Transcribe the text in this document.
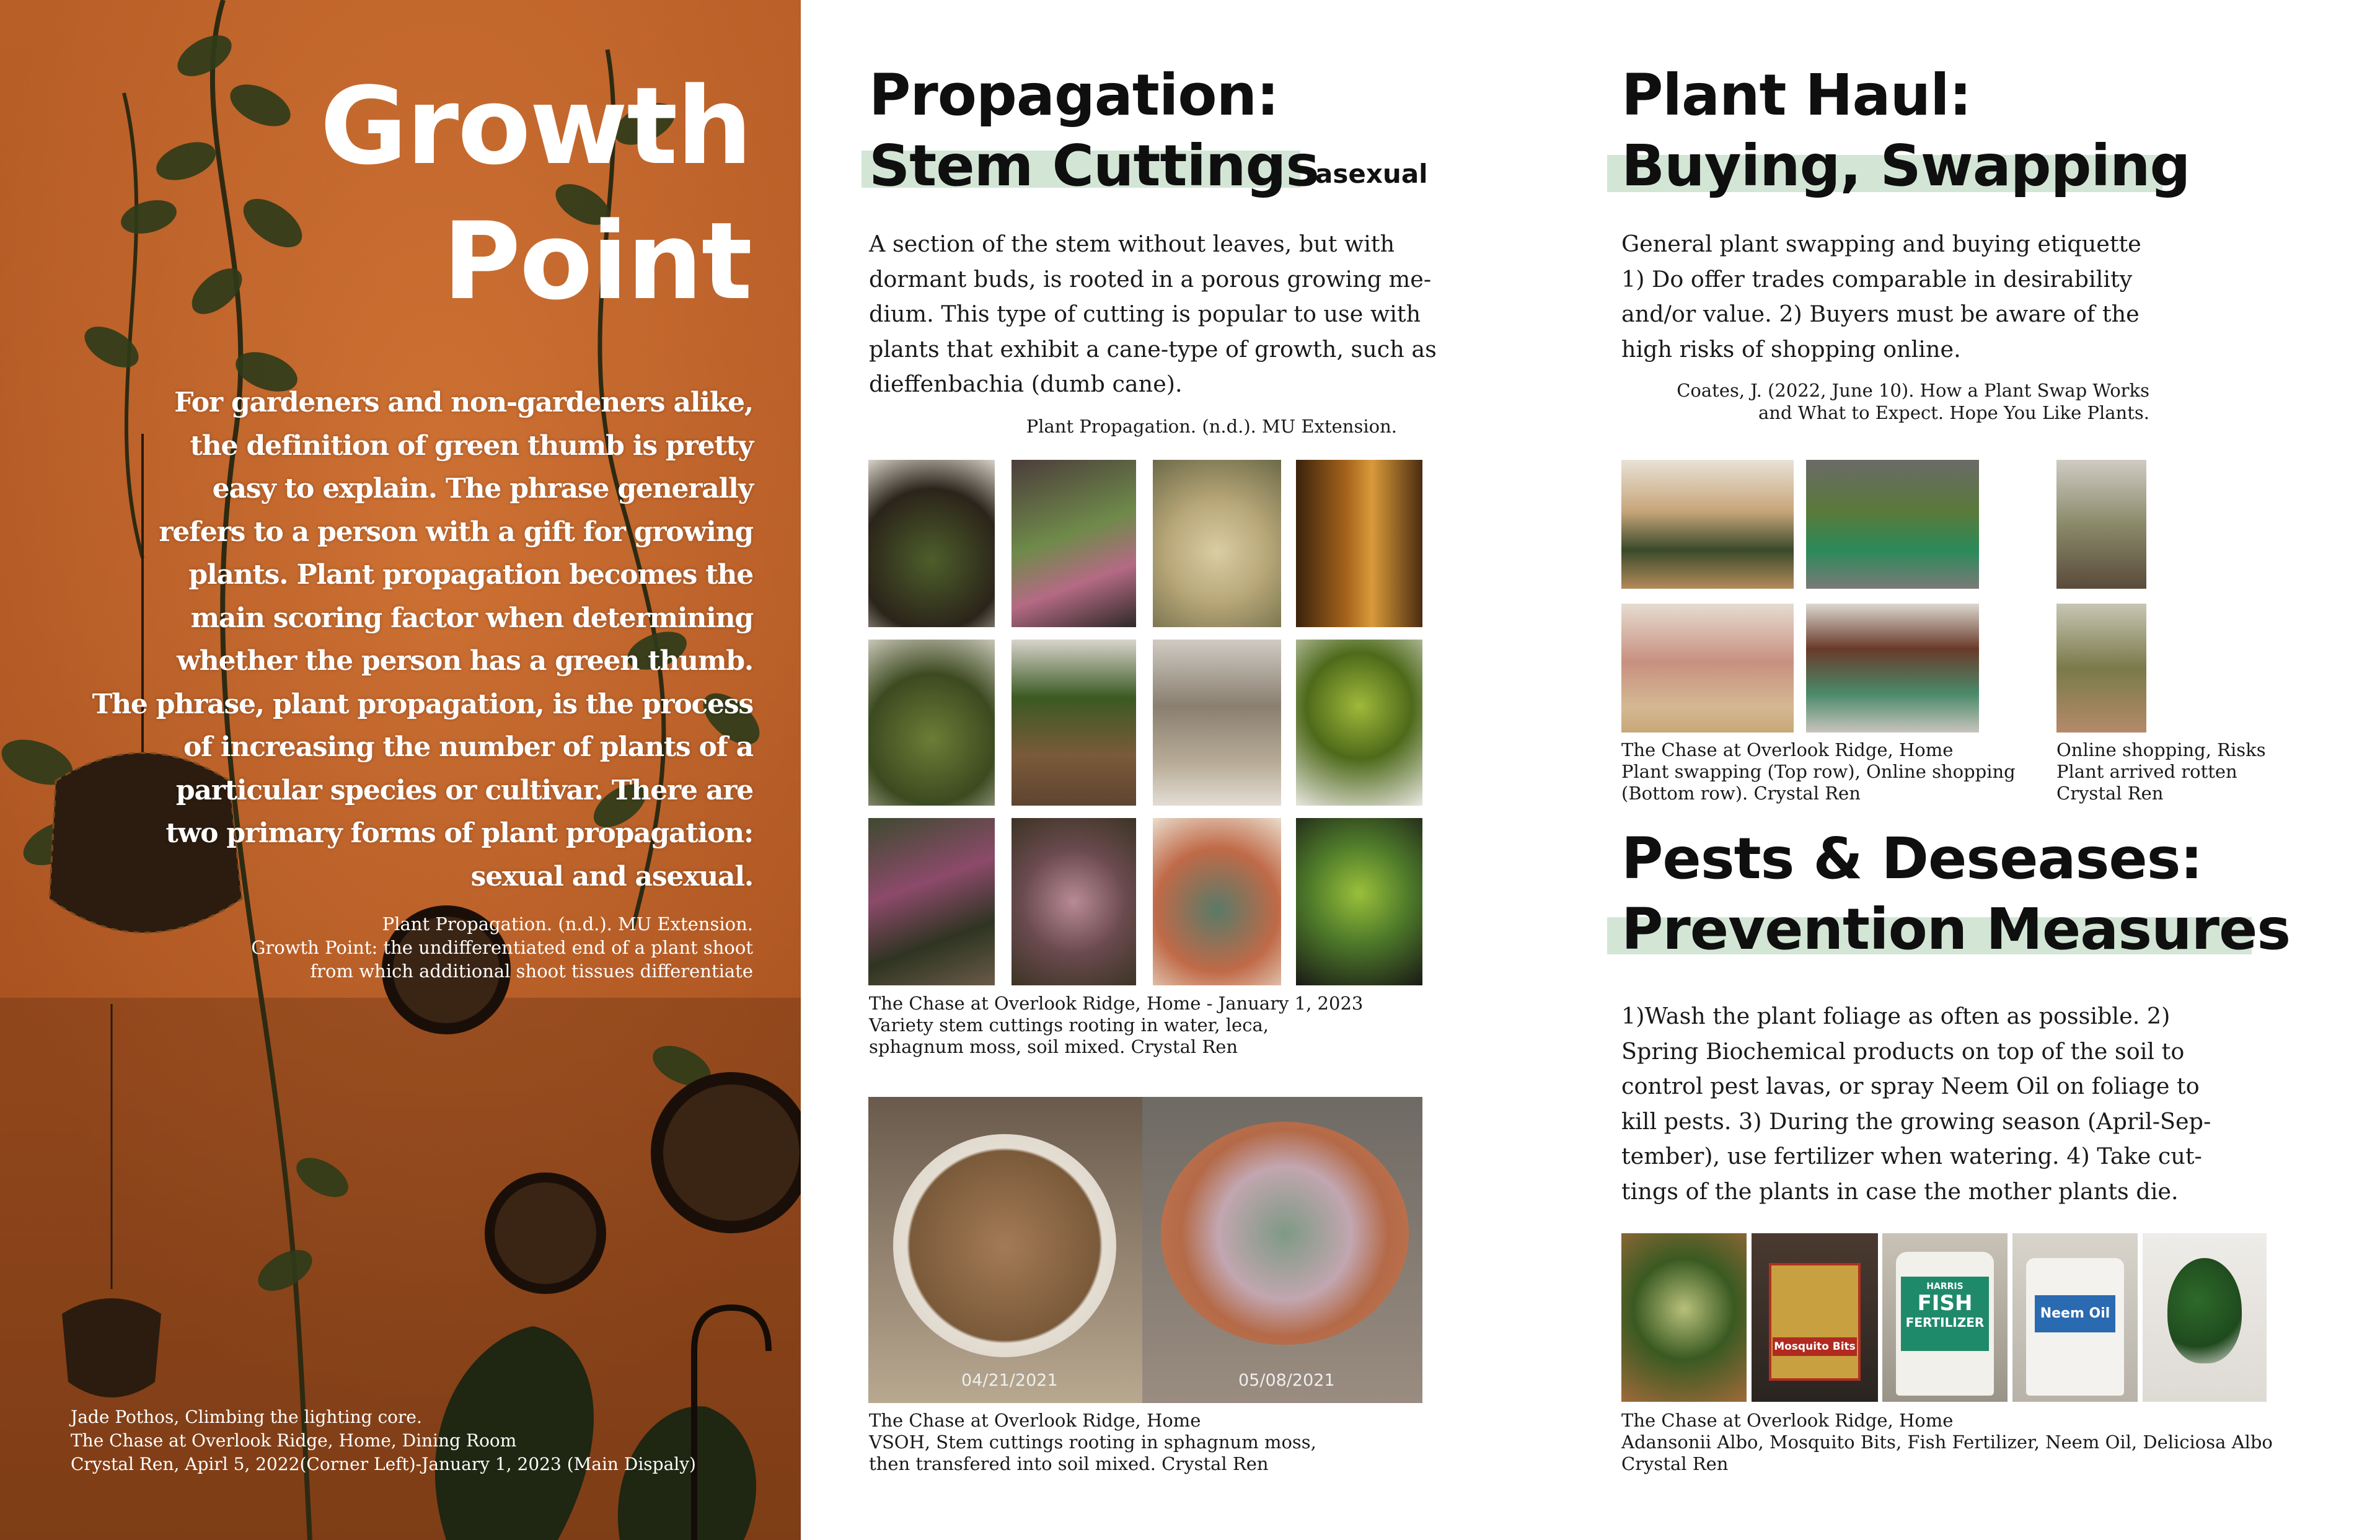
Growth
Point
For gardeners and non-gardeners alike,
the definition of green thumb is pretty
easy to explain. The phrase generally
refers to a person with a gift for growing
plants. Plant propagation becomes the
main scoring factor when determining
whether the person has a green thumb.
The phrase, plant propagation, is the process
of increasing the number of plants of a
particular species or cultivar. There are
two primary forms of plant propagation:
sexual and asexual.
Plant Propagation. (n.d.). MU Extension.
Growth Point: the undifferentiated end of a plant shoot
from which additional shoot tissues differentiate
Jade Pothos, Climbing the lighting core.
The Chase at Overlook Ridge, Home, Dining Room
Crystal Ren, Apirl 5, 2022(Corner Left)-January 1, 2023 (Main Dispaly)
Propagation:
Stem Cuttings
asexual
A section of the stem without leaves, but with
dormant buds, is rooted in a porous growing me-
dium. This type of cutting is popular to use with
plants that exhibit a cane-type of growth, such as
dieffenbachia (dumb cane).
Plant Propagation. (n.d.). MU Extension.
The Chase at Overlook Ridge, Home - January 1, 2023
Variety stem cuttings rooting in water, leca,
sphagnum moss, soil mixed. Crystal Ren
04/21/2021	05/08/2021
The Chase at Overlook Ridge, Home
VSOH, Stem cuttings rooting in sphagnum moss,
then transfered into soil mixed. Crystal Ren
Plant Haul:
Buying, Swapping
General plant swapping and buying etiquette
1) Do offer trades comparable in desirability
and/or value. 2) Buyers must be aware of the
high risks of shopping online.
Coates, J. (2022, June 10). How a Plant Swap Works
and What to Expect. Hope You Like Plants.
The Chase at Overlook Ridge, Home
Plant swapping (Top row), Online shopping
(Bottom row). Crystal Ren
Online shopping, Risks
Plant arrived rotten
Crystal Ren
Pests & Deseases:
Prevention Measures
1)Wash the plant foliage as often as possible. 2)
Spring Biochemical products on top of the soil to
control pest lavas, or spray Neem Oil on foliage to
kill pests. 3) During the growing season (April-Sep-
tember), use fertilizer when watering. 4) Take cut-
tings of the plants in case the mother plants die.
Mosquito Bits
HARRIS
FISH
FERTILIZER
Neem Oil
The Chase at Overlook Ridge, Home
Adansonii Albo, Mosquito Bits, Fish Fertilizer, Neem Oil, Deliciosa Albo
Crystal Ren
